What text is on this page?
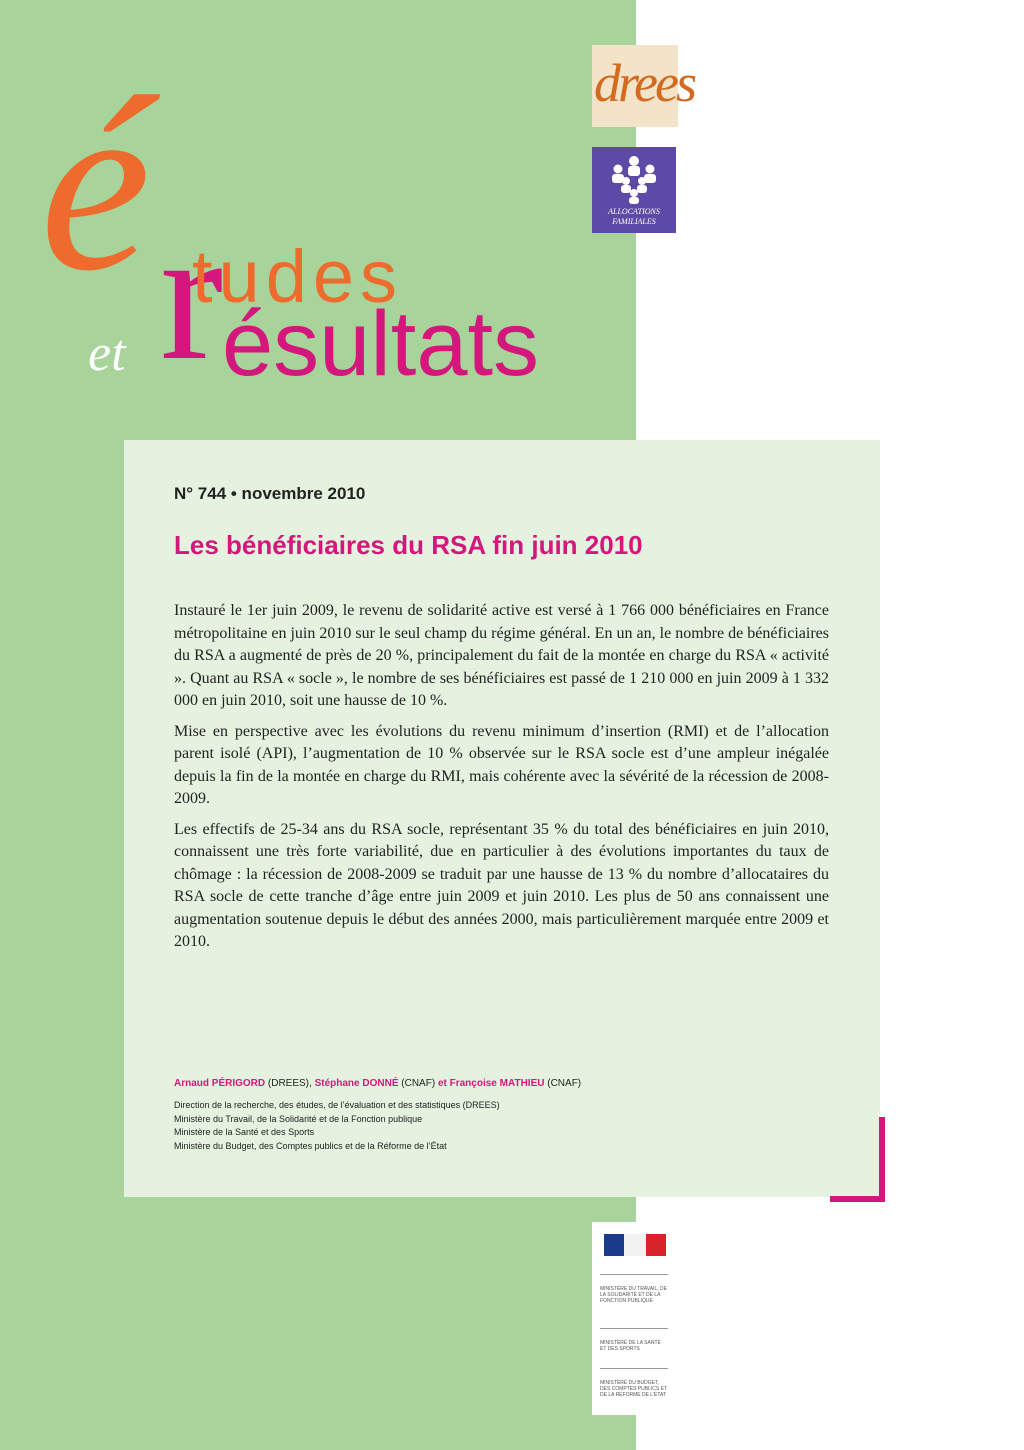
é r
tudes
et ésultats
drees
ALLOCATIONS
FAMILIALES
N° 744 • novembre 2010
Les bénéficiaires du RSA fin juin 2010

Instauré le 1er juin 2009, le revenu de solidarité active est versé à 1 766 000 bénéficiaires en France métropolitaine en juin 2010 sur le seul champ du régime général. En un an, le nombre de bénéficiaires du RSA a augmenté de près de 20 %, principalement du fait de la montée en charge du RSA « activité ». Quant au RSA « socle », le nombre de ses bénéficiaires est passé de 1 210 000 en juin 2009 à 1 332 000 en juin 2010, soit une hausse de 10 %.

Mise en perspective avec les évolutions du revenu minimum d’insertion (RMI) et de l’allocation parent isolé (API), l’augmentation de 10 % observée sur le RSA socle est d’une ampleur inégalée depuis la fin de la montée en charge du RMI, mais cohérente avec la sévérité de la récession de 2008-2009.

Les effectifs de 25-34 ans du RSA socle, représentant 35 % du total des bénéficiaires en juin 2010, connaissent une très forte variabilité, due en particulier à des évolutions importantes du taux de chômage : la récession de 2008-2009 se traduit par une hausse de 13 % du nombre d’allocataires du RSA socle de cette tranche d’âge entre juin 2009 et juin 2010. Les plus de 50 ans connaissent une augmentation soutenue depuis le début des années 2000, mais particulièrement marquée entre 2009 et 2010.

Arnaud PÉRIGORD (DREES), Stéphane DONNÉ (CNAF) et Françoise MATHIEU (CNAF)
Direction de la recherche, des études, de l’évaluation et des statistiques (DREES)
Ministère du Travail, de la Solidarité et de la Fonction publique
Ministère de la Santé et des Sports
Ministère du Budget, des Comptes publics et de la Réforme de l’État
MINISTÈRE DU TRAVAIL, DE LA SOLIDARITÉ ET DE LA FONCTION PUBLIQUE
MINISTÈRE DE LA SANTÉ ET DES SPORTS
MINISTÈRE DU BUDGET, DES COMPTES PUBLICS ET DE LA RÉFORME DE L'ÉTAT
